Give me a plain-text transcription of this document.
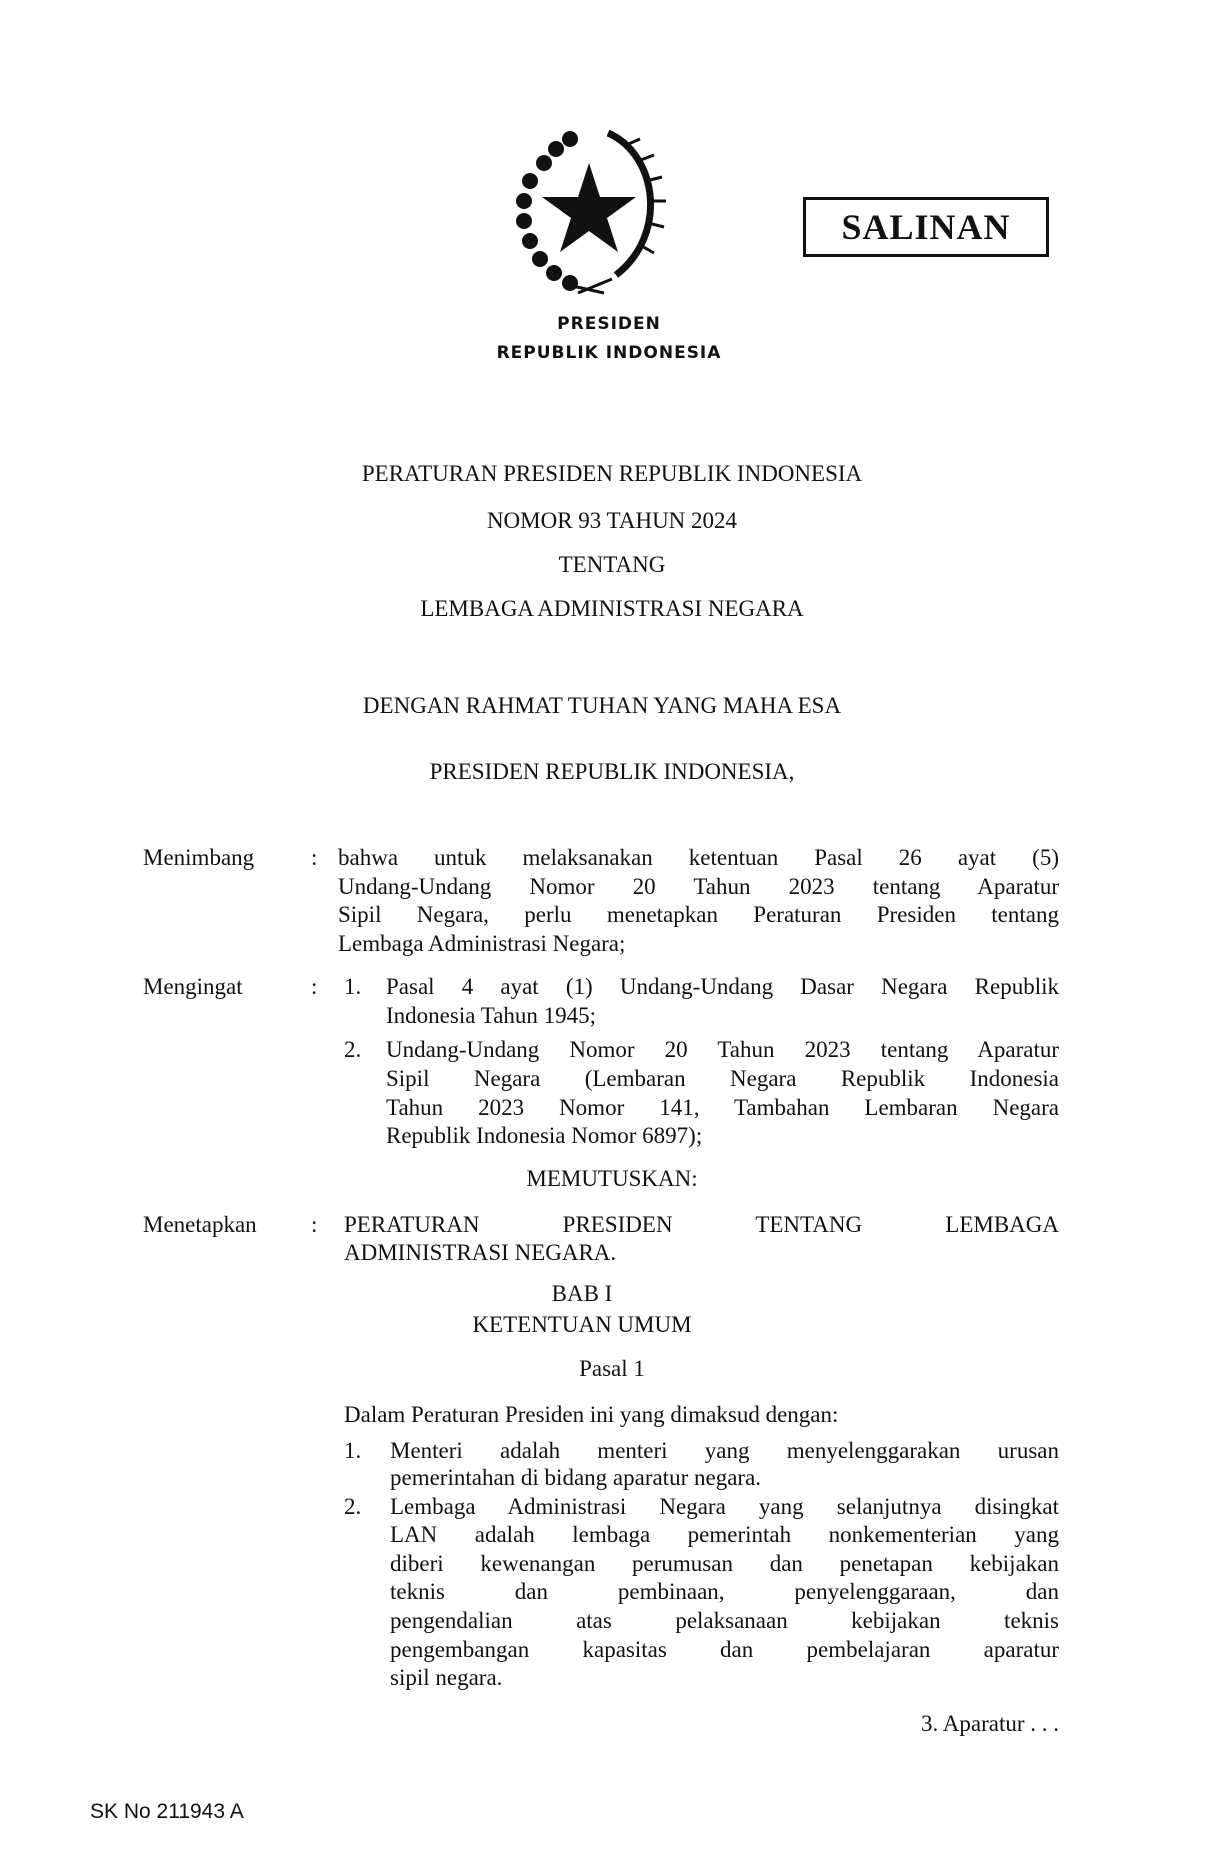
SALINAN
PRESIDEN
REPUBLIK INDONESIA
PERATURAN PRESIDEN REPUBLIK INDONESIA
NOMOR 93 TAHUN 2024
TENTANG
LEMBAGA ADMINISTRASI NEGARA
DENGAN RAHMAT TUHAN YANG MAHA ESA
PRESIDEN REPUBLIK INDONESIA,
Menimbang : bahwa untuk melaksanakan ketentuan Pasal 26 ayat (5)
Undang-Undang Nomor 20 Tahun 2023 tentang Aparatur
Sipil Negara, perlu menetapkan Peraturan Presiden tentang
Lembaga Administrasi Negara;
Mengingat	: 1. Pasal 4 ayat (1) Undang-Undang Dasar Negara Republik
Indonesia Tahun 1945;
2. Undang-Undang Nomor 20 Tahun 2023 tentang Aparatur
Sipil Negara (Lembaran Negara Republik Indonesia
Tahun 2023 Nomor 141, Tambahan Lembaran Negara
Republik Indonesia Nomor 6897);
MEMUTUSKAN:
Menetapkan : PERATURAN PRESIDEN TENTANG LEMBAGA
ADMINISTRASI NEGARA.
BAB I
KETENTUAN UMUM
Pasal 1
Dalam Peraturan Presiden ini yang dimaksud dengan:
1. Menteri adalah menteri yang menyelenggarakan urusan
pemerintahan di bidang aparatur negara.
2. Lembaga Administrasi Negara yang selanjutnya disingkat
LAN adalah lembaga pemerintah nonkementerian yang
diberi kewenangan perumusan dan penetapan kebijakan
teknis dan pembinaan, penyelenggaraan, dan
pengendalian atas pelaksanaan kebijakan teknis
pengembangan kapasitas dan pembelajaran aparatur
sipil negara.
3. Aparatur . . .
SK No 211943 A
